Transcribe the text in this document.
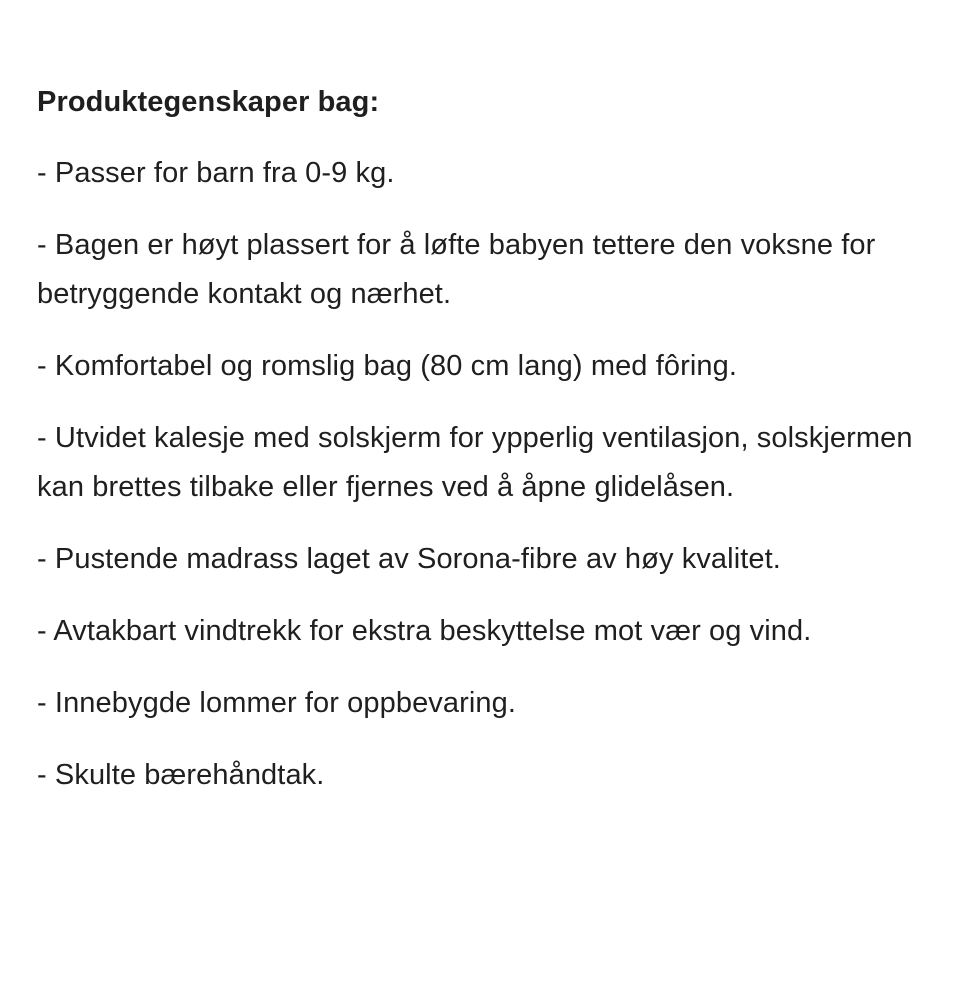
Produktegenskaper bag:
- Passer for barn fra 0-9 kg.
- Bagen er høyt plassert for å løfte babyen tettere den voksne for betryggende kontakt og nærhet.
- Komfortabel og romslig bag (80 cm lang) med fôring.
- Utvidet kalesje med solskjerm for ypperlig ventilasjon, solskjermen kan brettes tilbake eller fjernes ved å åpne glidelåsen.
- Pustende madrass laget av Sorona-fibre av høy kvalitet.
- Avtakbart vindtrekk for ekstra beskyttelse mot vær og vind.
- Innebygde lommer for oppbevaring.
- Skulte bærehåndtak.
